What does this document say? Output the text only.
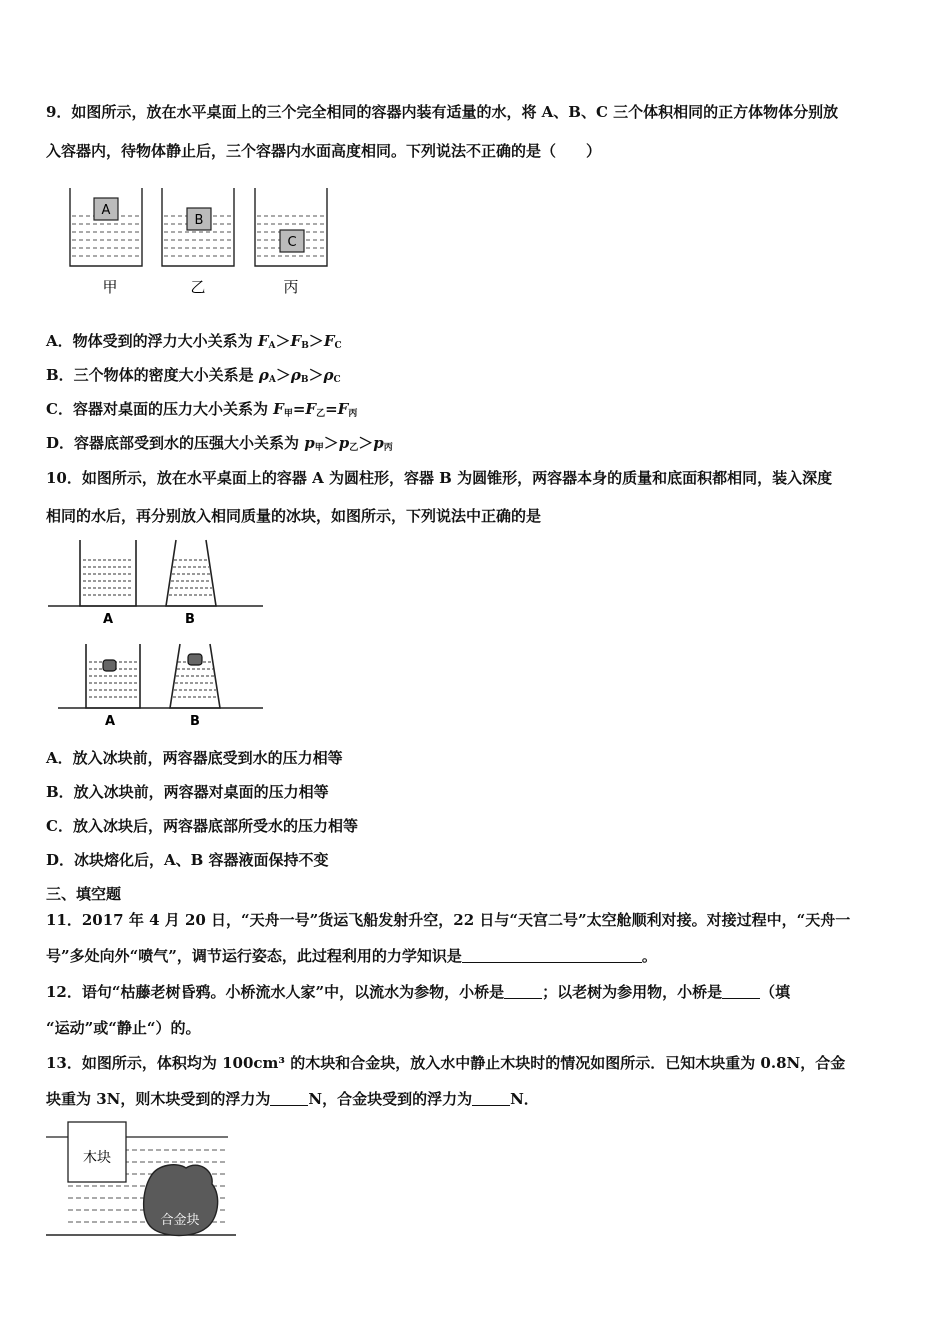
9．如图所示，放在水平桌面上的三个完全相同的容器内装有适量的水，将 A、B、C 三个体积相同的正方体物体分别放
入容器内，待物体静止后，三个容器内水面高度相同。下列说法不正确的是（　　）
A
B
C
甲	乙	丙
A．物体受到的浮力大小关系为 $F_A>F_B>F_C$
B．三个物体的密度大小关系是 $\rho_A>\rho_B>\rho_C$
C．容器对桌面的压力大小关系为 $F_甲=F_乙=F_丙$
D．容器底部受到水的压强大小关系为 $p_甲>p_乙>p_丙$
10．如图所示，放在水平桌面上的容器 A 为圆柱形，容器 B 为圆锥形，两容器本身的质量和底面积都相同，装入深度
相同的水后，再分别放入相同质量的冰块，如图所示，下列说法中正确的是
A	B
A	B
A．放入冰块前，两容器底受到水的压力相等
B．放入冰块前，两容器对桌面的压力相等
C．放入冰块后，两容器底部所受水的压力相等
D．冰块熔化后，A、B 容器液面保持不变
三、填空题
11．2017 年 4 月 20 日，“天舟一号”货运飞船发射升空，22 日与“天宫二号”太空舱顺利对接。对接过程中，“天舟一
号”多处向外“喷气”，调节运行姿态，此过程利用的力学知识是	。
12．语句“枯藤老树昏鸦。小桥流水人家”中，以流水为参物，小桥是	；以老树为参用物，小桥是	（填
“运动”或“静止“）的。
13．如图所示，体积均为 100cm³ 的木块和合金块，放入水中静止木块时的情况如图所示．已知木块重为 0.8N，合金
块重为 3N，则木块受到的浮力为	N，合金块受到的浮力为	N．
木块
合金块
